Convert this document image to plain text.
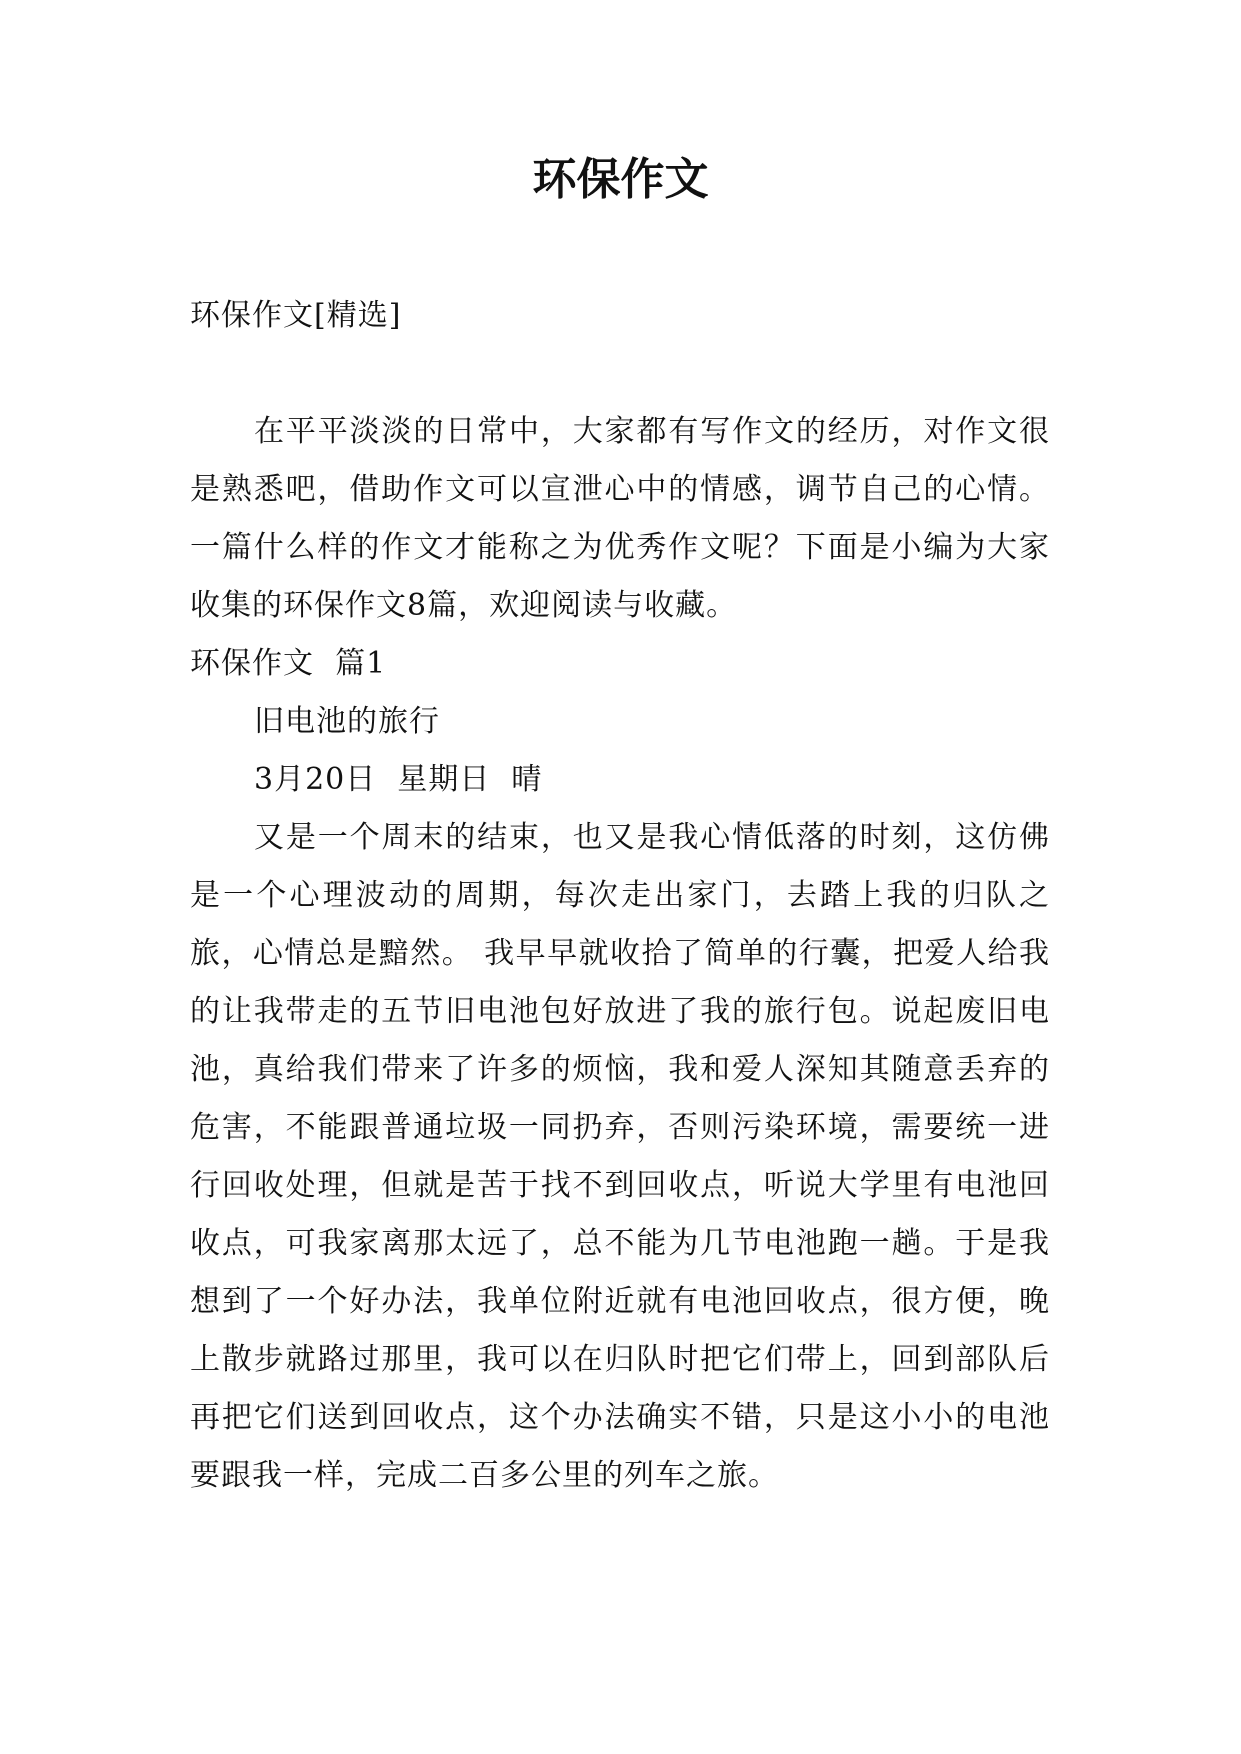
环保作文

环保作文[精选]

在平平淡淡的日常中，大家都有写作文的经历，对作文很是熟悉吧，借助作文可以宣泄心中的情感，调节自己的心情。一篇什么样的作文才能称之为优秀作文呢？下面是小编为大家收集的环保作文8篇，欢迎阅读与收藏。

环保作文  篇1

旧电池的旅行

3月20日  星期日  晴

又是一个周末的结束，也又是我心情低落的时刻，这仿佛是一个心理波动的周期，每次走出家门，去踏上我的归队之旅，心情总是黯然。 我早早就收拾了简单的行囊，把爱人给我的让我带走的五节旧电池包好放进了我的旅行包。说起废旧电池，真给我们带来了许多的烦恼，我和爱人深知其随意丢弃的危害，不能跟普通垃圾一同扔弃，否则污染环境，需要统一进行回收处理，但就是苦于找不到回收点，听说大学里有电池回收点，可我家离那太远了，总不能为几节电池跑一趟。于是我想到了一个好办法，我单位附近就有电池回收点，很方便，晚上散步就路过那里，我可以在归队时把它们带上，回到部队后再把它们送到回收点，这个办法确实不错，只是这小小的电池要跟我一样，完成二百多公里的列车之旅。
